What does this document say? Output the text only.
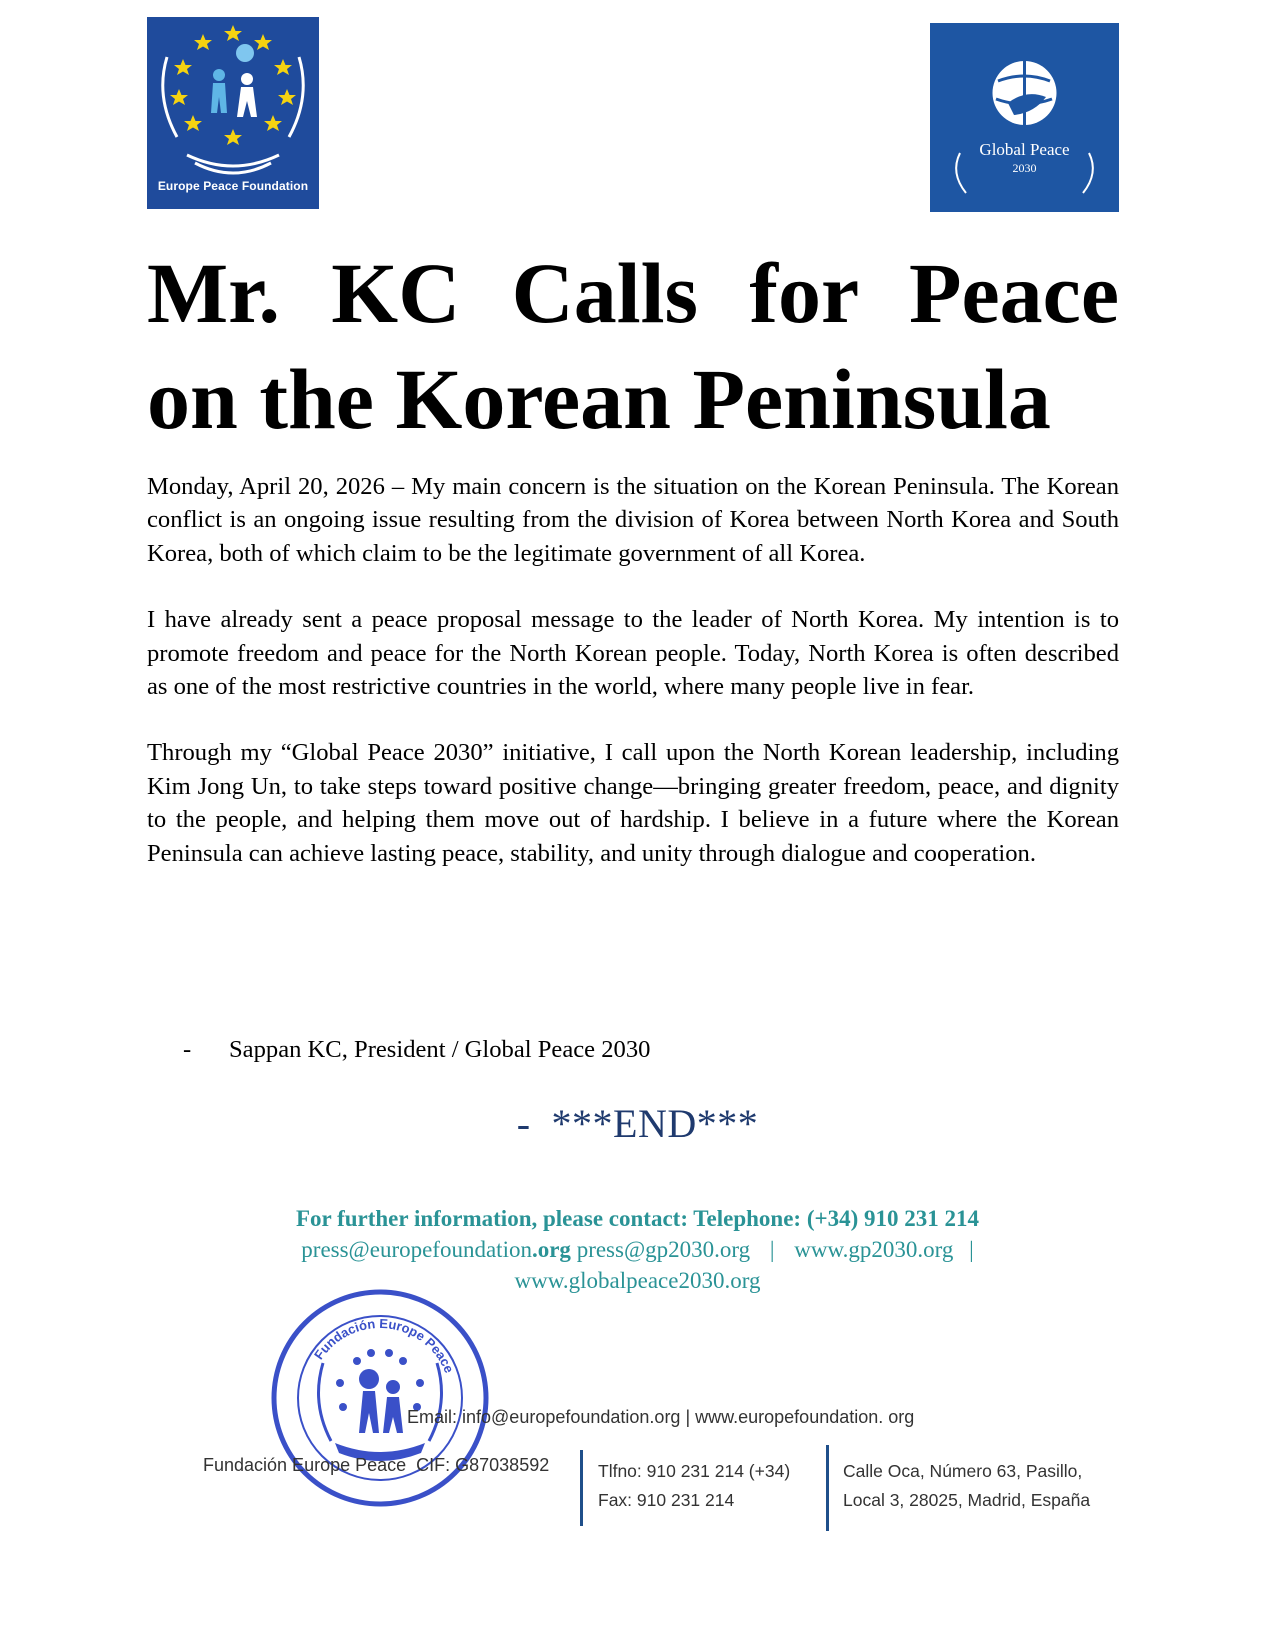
Europe Peace Foundation
Global Peace
2030
Mr. KC Calls for Peace
on the Korean Peninsula

Monday, April 20, 2026 – My main concern is the situation on the Korean Peninsula. The Korean conflict is an ongoing issue resulting from the division of Korea between North Korea and South Korea, both of which claim to be the legitimate government of all Korea.

I have already sent a peace proposal message to the leader of North Korea. My intention is to promote freedom and peace for the North Korean people. Today, North Korea is often described as one of the most restrictive countries in the world, where many people live in fear.

Through my “Global Peace 2030” initiative, I call upon the North Korean leadership, including Kim Jong Un, to take steps toward positive change—bringing greater freedom, peace, and dignity to the people, and helping them move out of hardship. I believe in a future where the Korean Peninsula can achieve lasting peace, stability, and unity through dialogue and cooperation.

- Sappan KC, President / Global Peace 2030
-  ***END***
For further information, please contact: Telephone: (+34) 910 231 214
press@europefoundation.org press@gp2030.org | www.gp2030.org |
www.globalpeace2030.org
Fundación Europe Peace
Email: info@europefoundation.org | www.europefoundation. org
Fundación Europe Peace  CIF: G87038592	Tlfno: 910 231 214 (+34)
Fax: 910 231 214
Calle Oca, Número 63, Pasillo,
Local 3, 28025, Madrid, España
